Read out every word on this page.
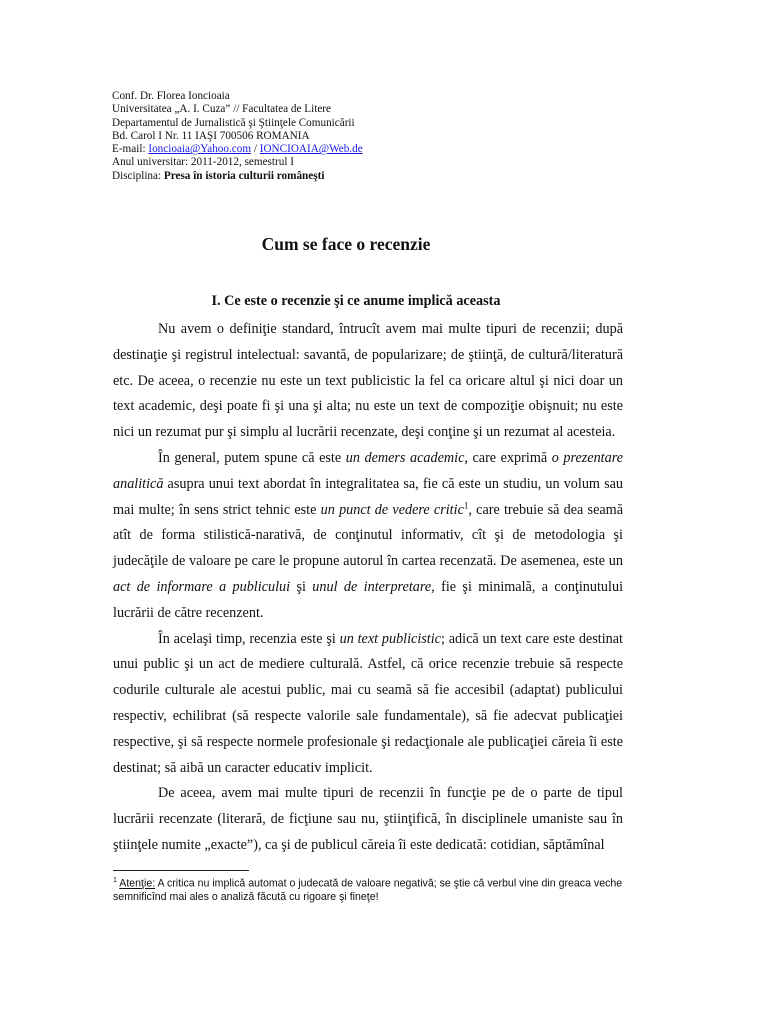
Conf. Dr. Florea Ioncioaia
Universitatea „A. I. Cuza” // Facultatea de Litere
Departamentul de Jurnalistică şi Ştiinţele Comunicării
Bd. Carol I Nr. 11 IAŞI 700506 ROMANIA
E-mail: Ioncioaia@Yahoo.com / IONCIOAIA@Web.de
Anul universitar: 2011-2012, semestrul I
Disciplina: Presa în istoria culturii româneşti
Cum se face o recenzie
I. Ce este o recenzie şi ce anume implică aceasta

Nu avem o definiţie standard, întrucît avem mai multe tipuri de recenzii; după destinaţie şi registrul intelectual: savantă, de popularizare; de ştiinţă, de cultură/literatură etc. De aceea, o recenzie nu este un text publicistic la fel ca oricare altul şi nici doar un text academic, deşi poate fi şi una şi alta; nu este un text de compoziţie obişnuit; nu este nici un rezumat pur şi simplu al lucrării recenzate, deşi conţine şi un rezumat al acesteia.

În general, putem spune că este un demers academic, care exprimă o prezentare analitică asupra unui text abordat în integralitatea sa, fie că este un studiu, un volum sau mai multe; în sens strict tehnic este un punct de vedere critic$^1$, care trebuie să dea seamă atît de forma stilistică-narativă, de conţinutul informativ, cît şi de metodologia şi judecăţile de valoare pe care le propune autorul în cartea recenzată. De asemenea, este un act de informare a publicului şi unul de interpretare, fie şi minimală, a conţinutului lucrării de către recenzent.

În acelaşi timp, recenzia este şi un text publicistic; adică un text care este destinat unui public şi un act de mediere culturală. Astfel, că orice recenzie trebuie să respecte codurile culturale ale acestui public, mai cu seamă să fie accesibil (adaptat) publicului respectiv, echilibrat (să respecte valorile sale fundamentale), să fie adecvat publicaţiei respective, şi să respecte normele profesionale şi redacţionale ale publicaţiei căreia îi este destinat; să aibă un caracter educativ implicit.

De aceea, avem mai multe tipuri de recenzii în funcţie pe de o parte de tipul lucrării recenzate (literară, de ficţiune sau nu, ştiinţifică, în disciplinele umaniste sau în ştiinţele numite „exacte”), ca şi de publicul căreia îi este dedicată: cotidian, săptămînal

$^1$ Atenţie: A critica nu implică automat o judecată de valoare negativă; se ştie că verbul vine din greaca veche semnificînd mai ales o analiză făcută cu rigoare şi fineţe!
